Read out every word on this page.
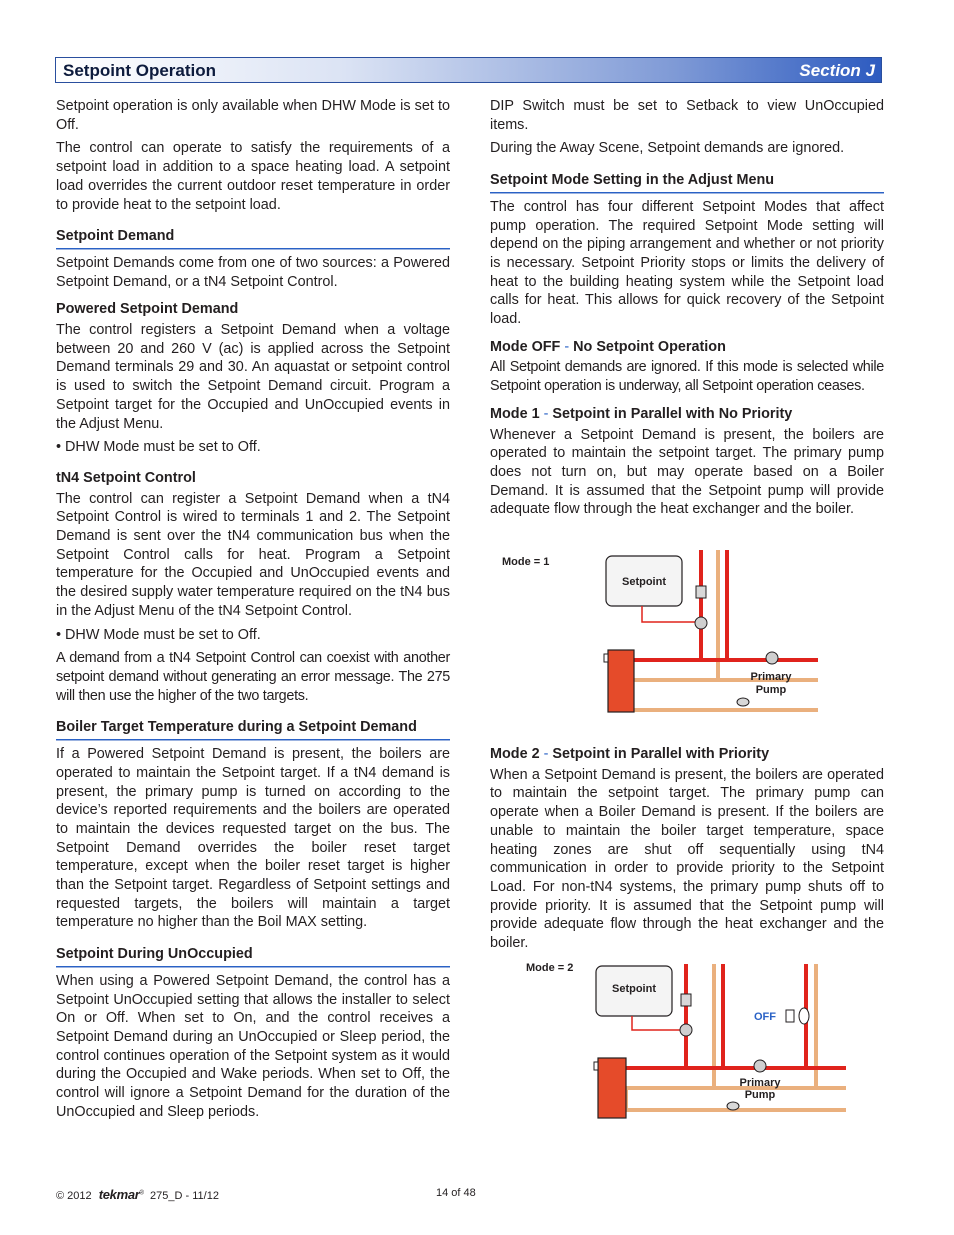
Setpoint Operation	Section J

Setpoint operation is only available when DHW Mode is set to Off.

The control can operate to satisfy the requirements of a setpoint load in addition to a space heating load. A setpoint load overrides the current outdoor reset temperature in order to provide heat to the setpoint load.

Setpoint Demand

Setpoint Demands come from one of two sources: a Powered Setpoint Demand, or a tN4 Setpoint Control.

Powered Setpoint Demand

The control registers a Setpoint Demand when a voltage between 20 and 260 V (ac) is applied across the Setpoint Demand terminals 29 and 30. An aquastat or setpoint control is used to switch the Setpoint Demand circuit. Program a Setpoint target for the Occupied and UnOccupied events in the Adjust Menu.

• DHW Mode must be set to Off.

tN4 Setpoint Control

The control can register a Setpoint Demand when a tN4 Setpoint Control is wired to terminals 1 and 2. The Setpoint Demand is sent over the tN4 communication bus when the Setpoint Control calls for heat. Program a Setpoint temperature for the Occupied and UnOccupied events and the desired supply water temperature required on the tN4 bus in the Adjust Menu of the tN4 Setpoint Control.

• DHW Mode must be set to Off.

A demand from a tN4 Setpoint Control can coexist with another setpoint demand without generating an error message. The 275 will then use the higher of the two targets.

Boiler Target Temperature during a Setpoint Demand

If a Powered Setpoint Demand is present, the boilers are operated to maintain the Setpoint target. If a tN4 demand is present, the primary pump is turned on according to the device’s reported requirements and the boilers are operated to maintain the devices requested target on the bus. The Setpoint Demand overrides the boiler reset target temperature, except when the boiler reset target is higher than the Setpoint target. Regardless of Setpoint settings and requested targets, the boilers will maintain a target temperature no higher than the Boil MAX setting.

Setpoint During UnOccupied

When using a Powered Setpoint Demand, the control has a Setpoint UnOccupied setting that allows the installer to select On or Off. When set to On, and the control receives a Setpoint Demand during an UnOccupied or Sleep period, the control continues operation of the Setpoint system as it would during the Occupied and Wake periods. When set to Off, the control will ignore a Setpoint Demand for the duration of the UnOccupied and Sleep periods.

DIP Switch must be set to Setback to view UnOccupied items.

During the Away Scene, Setpoint demands are ignored.

Setpoint Mode Setting in the Adjust Menu

The control has four different Setpoint Modes that affect pump operation. The required Setpoint Mode setting will depend on the piping arrangement and whether or not priority is necessary. Setpoint Priority stops or limits the delivery of heat to the building heating system while the Setpoint load calls for heat. This allows for quick recovery of the Setpoint load.

Mode OFF - No Setpoint Operation

All Setpoint demands are ignored. If this mode is selected while Setpoint operation is underway, all Setpoint operation ceases.

Mode 1 - Setpoint in Parallel with No Priority

Whenever a Setpoint Demand is present, the boilers are operated to maintain the setpoint target. The primary pump does not turn on, but may operate based on a Boiler Demand. It is assumed that the Setpoint pump will provide adequate flow through the heat exchanger and the boiler.

Mode 2 - Setpoint in Parallel with Priority

When a Setpoint Demand is present, the boilers are operated to maintain the setpoint target. The primary pump can operate when a Boiler Demand is present. If the boilers are unable to maintain the boiler target temperature, space heating zones are shut off sequentially using tN4 communication in order to provide priority to the Setpoint Load. For non-tN4 systems, the primary pump shuts off to provide priority. It is assumed that the Setpoint pump will provide adequate flow through the heat exchanger and the boiler.

Mode = 1
Setpoint
Primary
Pump
Mode = 2
Setpoint
OFF
Primary
Pump
© 2012 tekmar® 275_D - 11/12	14 of 48
